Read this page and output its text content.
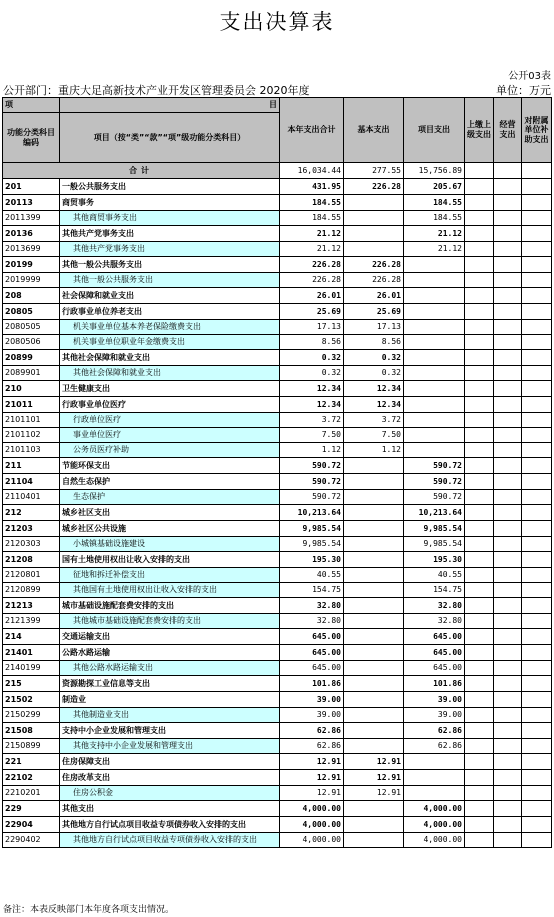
支出决算表
公开03表
公开部门：重庆大足高新技术产业开发区管理委员会 2020年度	单位：万元
项	目	本年支出合计	基本支出	项目支出	上缴上级支出	经营支出	对附属单位补助支出
功能分类科目编码	项目（按“类”“款”“项”级功能分类科目）						
合计		16,034.44	277.55	15,756.89			
201	一般公共服务支出	431.95	226.28	205.67			
20113	商贸事务	184.55		184.55			
2011399	其他商贸事务支出	184.55		184.55			
20136	其他共产党事务支出	21.12		21.12			
2013699	其他共产党事务支出	21.12		21.12			
20199	其他一般公共服务支出	226.28	226.28				
2019999	其他一般公共服务支出	226.28	226.28				
208	社会保障和就业支出	26.01	26.01				
20805	行政事业单位养老支出	25.69	25.69				
2080505	机关事业单位基本养老保险缴费支出	17.13	17.13				
2080506	机关事业单位职业年金缴费支出	8.56	8.56				
20899	其他社会保障和就业支出	0.32	0.32				
2089901	其他社会保障和就业支出	0.32	0.32				
210	卫生健康支出	12.34	12.34				
21011	行政事业单位医疗	12.34	12.34				
2101101	行政单位医疗	3.72	3.72				
2101102	事业单位医疗	7.50	7.50				
2101103	公务员医疗补助	1.12	1.12				
211	节能环保支出	590.72		590.72			
21104	自然生态保护	590.72		590.72			
2110401	生态保护	590.72		590.72			
212	城乡社区支出	10,213.64		10,213.64			
21203	城乡社区公共设施	9,985.54		9,985.54			
2120303	小城镇基础设施建设	9,985.54		9,985.54			
21208	国有土地使用权出让收入安排的支出	195.30		195.30			
2120801	征地和拆迁补偿支出	40.55		40.55			
2120899	其他国有土地使用权出让收入安排的支出	154.75		154.75			
21213	城市基础设施配套费安排的支出	32.80		32.80			
2121399	其他城市基础设施配套费安排的支出	32.80		32.80			
214	交通运输支出	645.00		645.00			
21401	公路水路运输	645.00		645.00			
2140199	其他公路水路运输支出	645.00		645.00			
215	资源勘探工业信息等支出	101.86		101.86			
21502	制造业	39.00		39.00			
2150299	其他制造业支出	39.00		39.00			
21508	支持中小企业发展和管理支出	62.86		62.86			
2150899	其他支持中小企业发展和管理支出	62.86		62.86			
221	住房保障支出	12.91	12.91				
22102	住房改革支出	12.91	12.91				
2210201	住房公积金	12.91	12.91				
229	其他支出	4,000.00		4,000.00			
22904	其他地方自行试点项目收益专项债券收入安排的支出	4,000.00		4,000.00			
2290402	其他地方自行试点项目收益专项债券收入安排的支出	4,000.00		4,000.00			
备注：本表反映部门本年度各项支出情况。
